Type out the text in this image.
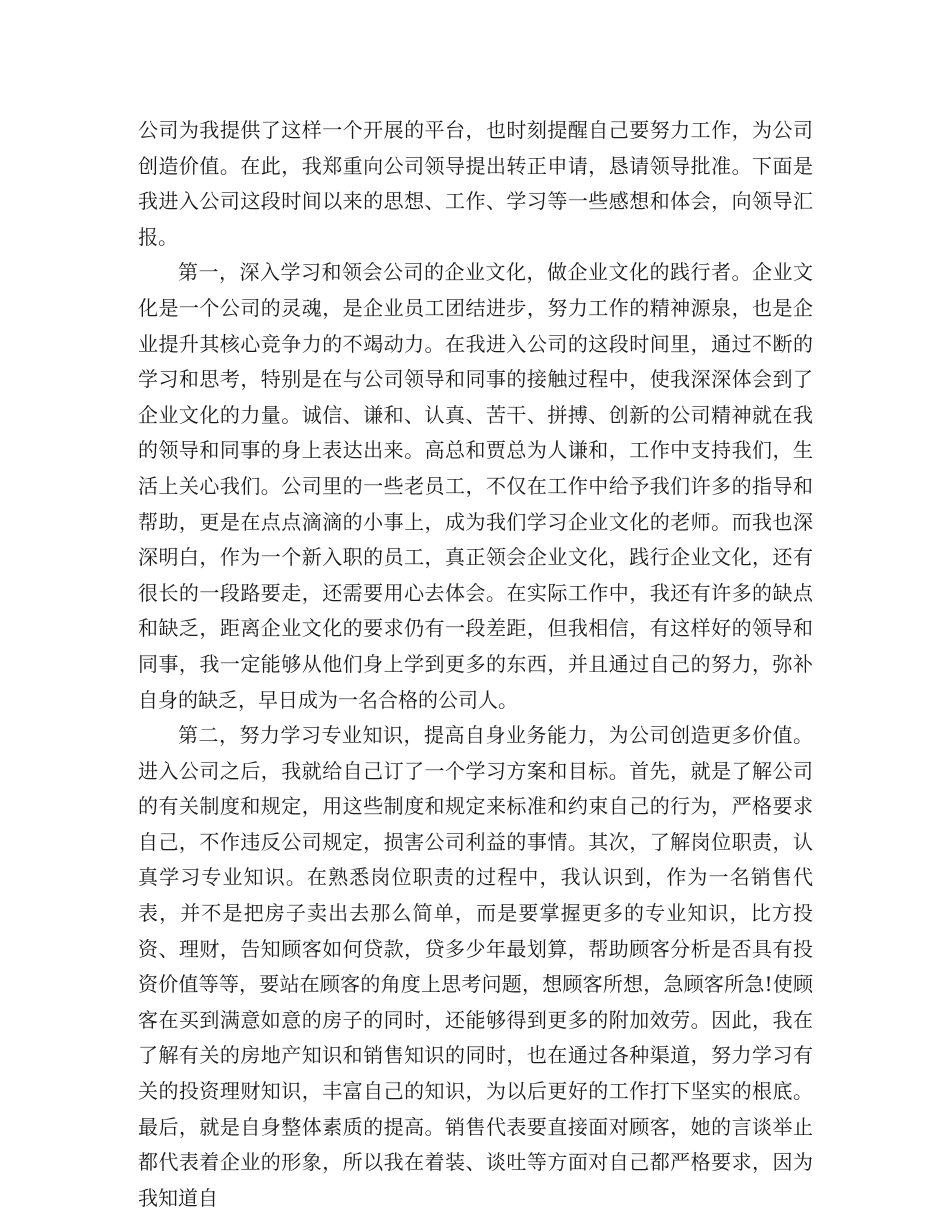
公司为我提供了这样一个开展的平台，也时刻提醒自己要努力工作，为公司创造价值。在此，我郑重向公司领导提出转正申请，恳请领导批准。下面是我进入公司这段时间以来的思想、工作、学习等一些感想和体会，向领导汇报。

第一，深入学习和领会公司的企业文化，做企业文化的践行者。企业文化是一个公司的灵魂，是企业员工团结进步，努力工作的精神源泉，也是企业提升其核心竞争力的不竭动力。在我进入公司的这段时间里，通过不断的学习和思考，特别是在与公司领导和同事的接触过程中，使我深深体会到了企业文化的力量。诚信、谦和、认真、苦干、拼搏、创新的公司精神就在我的领导和同事的身上表达出来。高总和贾总为人谦和，工作中支持我们，生活上关心我们。公司里的一些老员工，不仅在工作中给予我们许多的指导和帮助，更是在点点滴滴的小事上，成为我们学习企业文化的老师。而我也深深明白，作为一个新入职的员工，真正领会企业文化，践行企业文化，还有很长的一段路要走，还需要用心去体会。在实际工作中，我还有许多的缺点和缺乏，距离企业文化的要求仍有一段差距，但我相信，有这样好的领导和同事，我一定能够从他们身上学到更多的东西，并且通过自己的努力，弥补自身的缺乏，早日成为一名合格的公司人。

第二，努力学习专业知识，提高自身业务能力，为公司创造更多价值。进入公司之后，我就给自己订了一个学习方案和目标。首先，就是了解公司的有关制度和规定，用这些制度和规定来标准和约束自己的行为，严格要求自己，不作违反公司规定，损害公司利益的事情。其次，了解岗位职责，认真学习专业知识。在熟悉岗位职责的过程中，我认识到，作为一名销售代表，并不是把房子卖出去那么简单，而是要掌握更多的专业知识，比方投资、理财，告知顾客如何贷款，贷多少年最划算，帮助顾客分析是否具有投资价值等等，要站在顾客的角度上思考问题，想顾客所想，急顾客所急!使顾客在买到满意如意的房子的同时，还能够得到更多的附加效劳。因此，我在了解有关的房地产知识和销售知识的同时，也在通过各种渠道，努力学习有关的投资理财知识，丰富自己的知识，为以后更好的工作打下坚实的根底。最后，就是自身整体素质的提高。销售代表要直接面对顾客，她的言谈举止都代表着企业的形象，所以我在着装、谈吐等方面对自己都严格要求，因为我知道自
